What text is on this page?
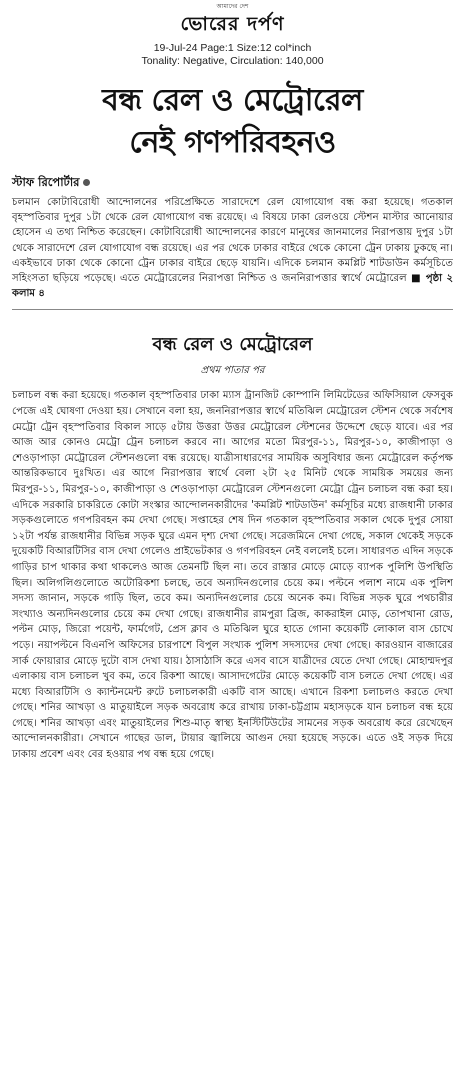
আমাদের দেশ
ভোরের দর্পণ
19-Jul-24 Page:1 Size:12 col*inch
Tonality: Negative, Circulation: 140,000
বন্ধ রেল ও মেট্রোরেল
নেই গণপরিবহনও
স্টাফ রিপোর্টার

চলমান কোটাবিরোধী আন্দোলনের পরিপ্রেক্ষিতে সারাদেশে রেল যোগাযোগ বন্ধ করা হয়েছে। গতকাল বৃহস্পতিবার দুপুর ১টা থেকে রেল যোগাযোগ বন্ধ রয়েছে। এ বিষয়ে ঢাকা রেলওয়ে স্টেশন মাস্টার আনোয়ার হোসেন এ তথ্য নিশ্চিত করেছেন। কোটাবিরোধী আন্দোলনের কারণে মানুষের জানমালের নিরাপত্তায় দুপুর ১টা থেকে সারাদেশে রেল যোগাযোগ বন্ধ রয়েছে। এর পর থেকে ঢাকার বাইরে থেকে কোনো ট্রেন ঢাকায় ঢুকছে না। একইভাবে ঢাকা থেকে কোনো ট্রেন ঢাকার বাইরে ছেড়ে যায়নি। এদিকে চলমান কমপ্লিট শাটডাউন কর্মসূচিতে সহিংসতা ছড়িয়ে পড়েছে। এতে মেট্রোরেলের নিরাপত্তা নিশ্চিত ও জননিরাপত্তার স্বার্থে মেট্রোরেল ■ পৃষ্ঠা ২ কলাম ৪

বন্ধ রেল ও মেট্রোরেল
প্রথম পাতার পর

চলাচল বন্ধ করা হয়েছে। গতকাল বৃহস্পতিবার ঢাকা ম্যাস ট্রানজিট কোম্পানি লিমিটেডের অফিসিয়াল ফেসবুক পেজে এই ঘোষণা দেওয়া হয়। সেখানে বলা হয়, জননিরাপত্তার স্বার্থে মতিঝিল মেট্রোরেল স্টেশন থেকে সর্বশেষ মেট্রো ট্রেন বৃহস্পতিবার বিকাল সাড়ে ৫টায় উত্তরা উত্তর মেট্রোরেল স্টেশনের উদ্দেশে ছেড়ে যাবে। এর পর আজ আর কোনও মেট্রো ট্রেন চলাচল করবে না। আগের মতো মিরপুর-১১, মিরপুর-১০, কাজীপাড়া ও শেওড়াপাড়া মেট্রোরেল স্টেশনগুলো বন্ধ রয়েছে। যাত্রীসাধারণের সাময়িক অসুবিধার জন্য মেট্রোরেল কর্তৃপক্ষ আন্তরিকভাবে দুঃখিত। এর আগে নিরাপত্তার স্বার্থে বেলা ২টা ২৫ মিনিট থেকে সাময়িক সময়ের জন্য মিরপুর-১১, মিরপুর-১০, কাজীপাড়া ও শেওড়াপাড়া মেট্রোরেল স্টেশনগুলো মেট্রো ট্রেন চলাচল বন্ধ করা হয়। এদিকে সরকারি চাকরিতে কোটা সংস্কার আন্দোলনকারীদের 'কমপ্লিট শাটডাউন' কর্মসূচির মধ্যে রাজধানী ঢাকার সড়কগুলোতে গণপরিবহন কম দেখা গেছে। সপ্তাহের শেষ দিন গতকাল বৃহস্পতিবার সকাল থেকে দুপুর সোয়া ১২টা পর্যন্ত রাজধানীর বিভিন্ন সড়ক ঘুরে এমন দৃশ্য দেখা গেছে। সরেজমিনে দেখা গেছে, সকাল থেকেই সড়কে দুয়েকটি বিআরটিসির বাস দেখা গেলেও প্রাইভেটকার ও গণপরিবহন নেই বললেই চলে। সাধারণত এদিন সড়কে গাড়ির চাপ থাকার কথা থাকলেও আজ তেমনটি ছিল না। তবে রাস্তার মোড়ে মোড়ে ব্যাপক পুলিশি উপস্থিতি ছিল। অলিগলিগুলোতে অটোরিকশা চলছে, তবে অন্যদিনগুলোর চেয়ে কম। পল্টনে পলাশ নামে এক পুলিশ সদস্য জানান, সড়কে গাড়ি ছিল, তবে কম। অন্যদিনগুলোর চেয়ে অনেক কম। বিভিন্ন সড়ক ঘুরে পথচারীর সংখ্যাও অন্যদিনগুলোর চেয়ে কম দেখা গেছে। রাজধানীর রামপুরা ব্রিজ, কাকরাইল মোড়, তোপখানা রোড, পল্টন মোড়, জিরো পয়েন্ট, ফার্মগেট, প্রেস ক্লাব ও মতিঝিল ঘুরে হাতে গোনা কয়েকটি লোকাল বাস চোখে পড়ে। নয়াপল্টনে বিএনপি অফিসের চারপাশে বিপুল সংখ্যক পুলিশ সদস্যদের দেখা গেছে। কারওয়ান বাজারের সার্ক ফোয়ারার মোড়ে দুটো বাস দেখা যায়। ঠাসাঠাসি করে এসব বাসে যাত্রীদের যেতে দেখা গেছে। মোহাম্মদপুর এলাকায় বাস চলাচল খুব কম, তবে রিকশা আছে। আসাদগেটের মোড়ে কয়েকটি বাস চলতে দেখা গেছে। এর মধ্যে বিআরটিসি ও ক্যান্টনমেন্ট রুটে চলাচলকারী একটি বাস আছে। এখানে রিকশা চলাচলও করতে দেখা গেছে। শনির আখড়া ও মাতুয়াইলে সড়ক অবরোধ করে রাখায় ঢাকা-চট্টগ্রাম মহাসড়কে যান চলাচল বন্ধ হয়ে গেছে। শনির আখড়া এবং মাতুয়াইলের শিশু-মাতৃ স্বাস্থ্য ইনস্টিটিউটের সামনের সড়ক অবরোধ করে রেখেছেন আন্দোলনকারীরা। সেখানে গাছের ডাল, টায়ার জ্বালিয়ে আগুন দেয়া হয়েছে সড়কে। এতে ওই সড়ক দিয়ে ঢাকায় প্রবেশ এবং বের হওয়ার পথ বন্ধ হয়ে গেছে।
